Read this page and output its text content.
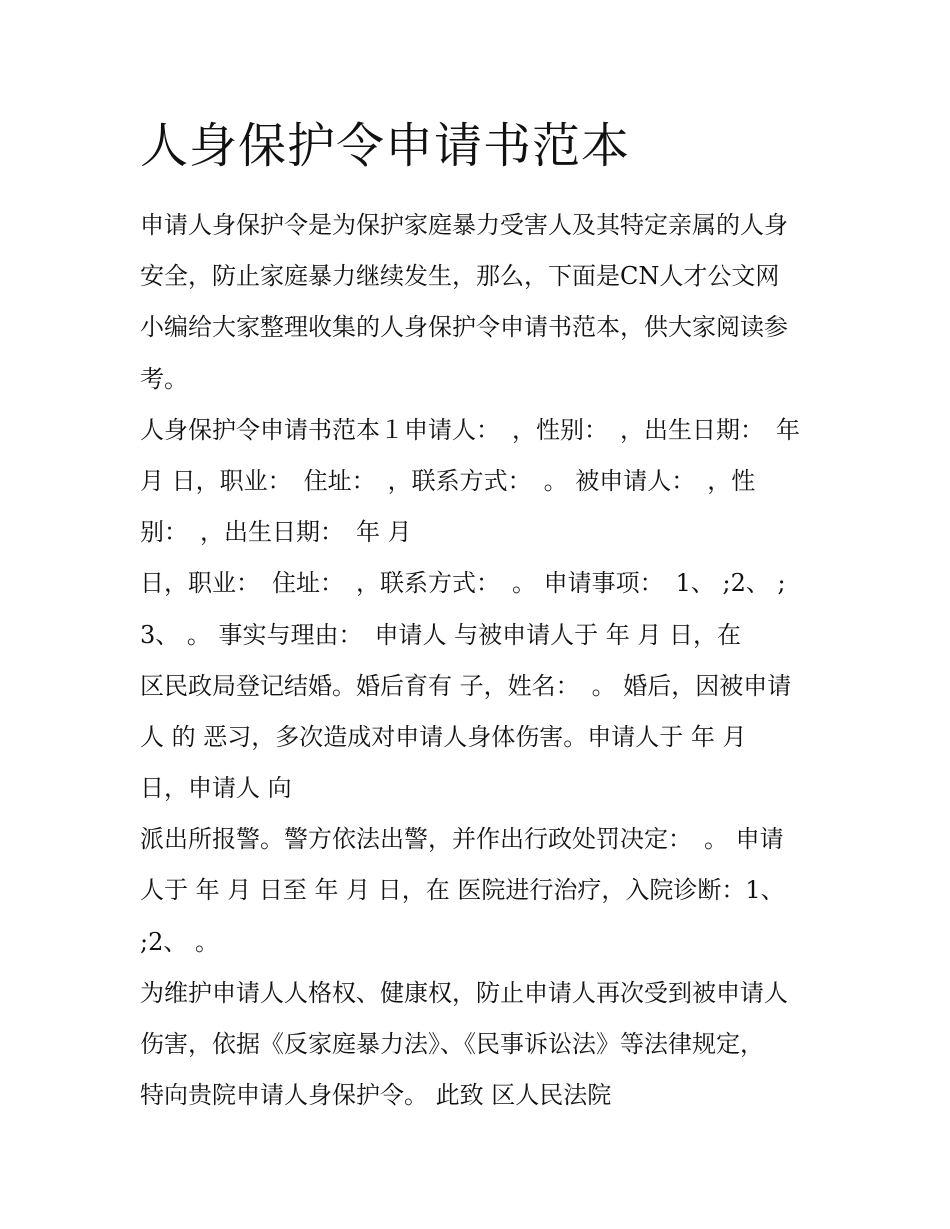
人身保护令申请书范本
申请人身保护令是为保护家庭暴力受害人及其特定亲属的人身
安全，防止家庭暴力继续发生，那么，下面是CN人才公文网
小编给大家整理收集的人身保护令申请书范本，供大家阅读参
考。
人身保护令申请书范本１申请人：　，性别：　，出生日期：　年
月 日，职业：　住址：　，联系方式：　。 被申请人：　，性
别：　，出生日期：　年 月
日，职业：　住址：　，联系方式：　。 申请事项：　1、 ;2、 ;
3、 。 事实与理由：　申请人 与被申请人于 年 月 日，在
区民政局登记结婚。婚后育有 子，姓名：　。 婚后，因被申请
人 的 恶习，多次造成对申请人身体伤害。申请人于 年 月
日，申请人 向
派出所报警。警方依法出警，并作出行政处罚决定：　。 申请
人于 年 月 日至 年 月 日，在 医院进行治疗，入院诊断：1、
;2、 。
为维护申请人人格权、健康权，防止申请人再次受到被申请人
伤害，依据《反家庭暴力法》、《民事诉讼法》等法律规定，
特向贵院申请人身保护令。 此致 区人民法院
